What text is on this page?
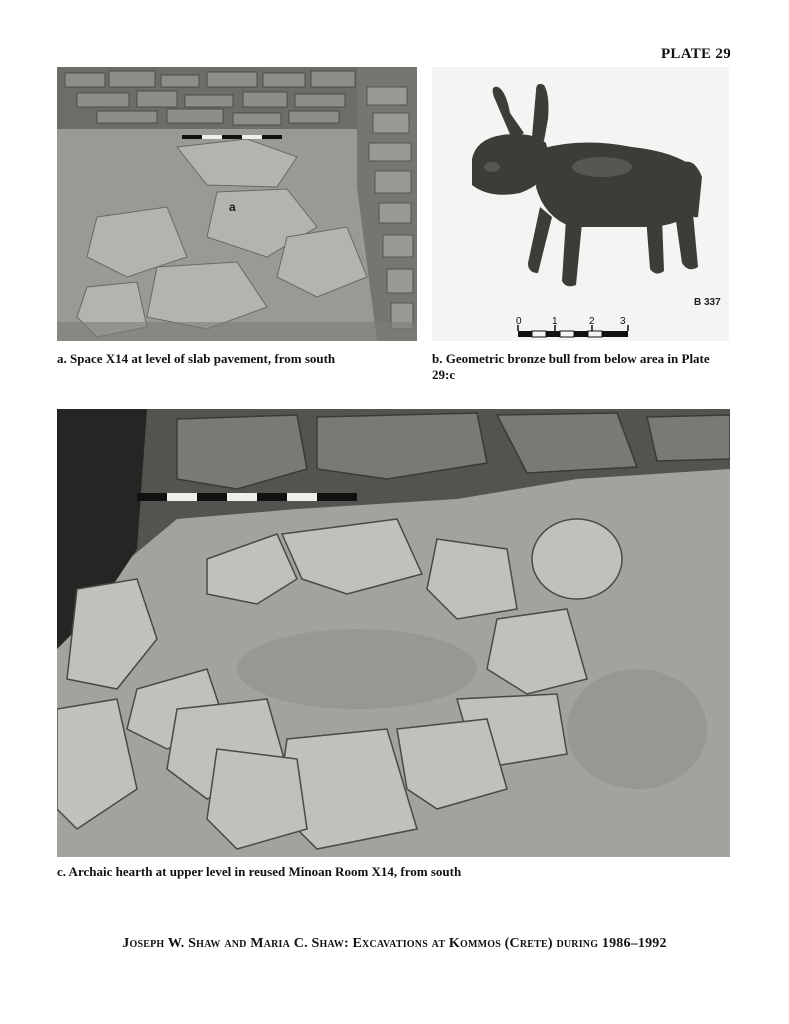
PLATE 29
a
B 337
0	1	2	3
a. Space X14 at level of slab pavement, from south	b. Geometric bronze bull from below area in Plate 29:c
c. Archaic hearth at upper level in reused Minoan Room X14, from south
Joseph W. Shaw and Maria C. Shaw: Excavations at Kommos (Crete) during 1986–1992
